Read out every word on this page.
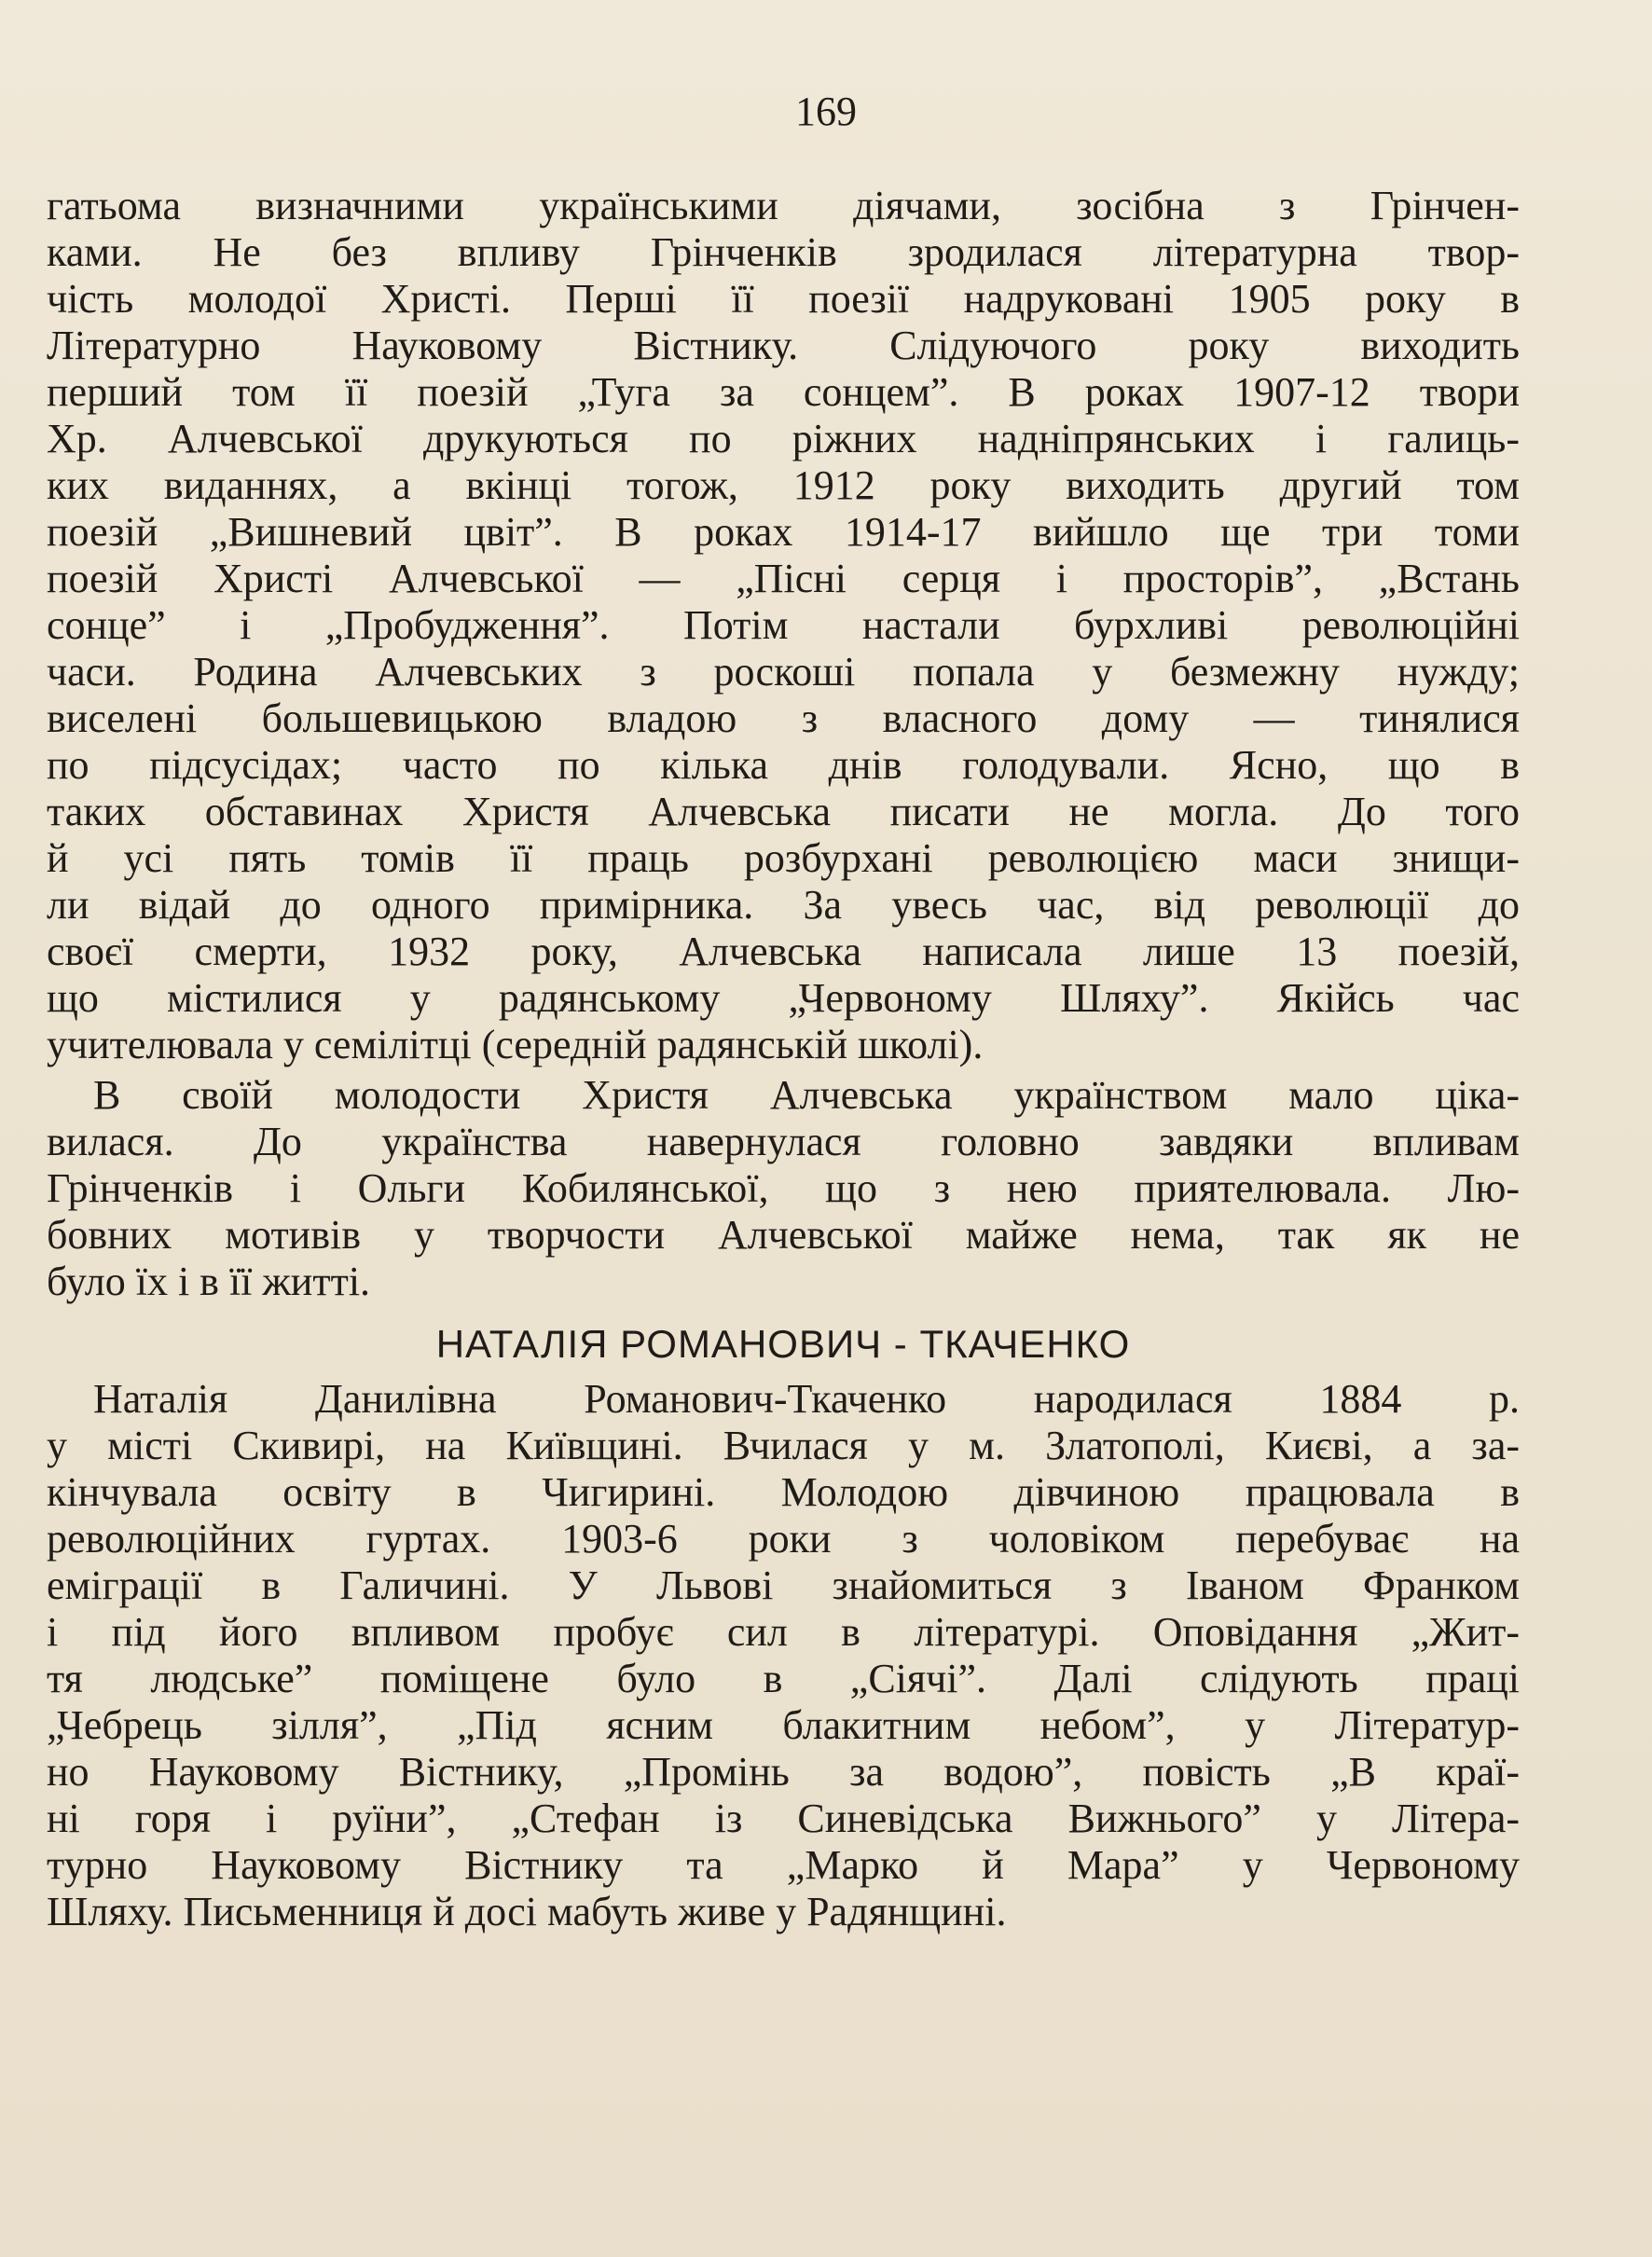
169
гатьома визначними українськими діячами, зосібна з Грінчен-
ками. Не без впливу Грінченків зродилася літературна твор-
чість молодої Христі. Перші її поезії надруковані 1905 року в
Літературно Науковому Вістнику. Слідуючого року виходить
перший том її поезій „Туга за сонцем”. В роках 1907-12 твори
Хр. Алчевської друкуються по ріжних надніпрянських і галиць-
ких виданнях, а вкінці тогож, 1912 року виходить другий том
поезій „Вишневий цвіт”. В роках 1914-17 вийшло ще три томи
поезій Христі Алчевської — „Пісні серця і просторів”, „Встань
сонце” і „Пробудження”. Потім настали бурхливі революційні
часи. Родина Алчевських з роскоші попала у безмежну нужду;
виселені большевицькою владою з власного дому — тинялися
по підсусідах; часто по кілька днів голодували. Ясно, що в
таких обставинах Христя Алчевська писати не могла. До того
й усі пять томів її праць розбурхані революцією маси знищи-
ли відай до одного примірника. За увесь час, від революції до
своєї смерти, 1932 року, Алчевська написала лише 13 поезій,
що містилися у радянському „Червоному Шляху”. Якійсь час
учителювала у семілітці (середній радянській школі).
В своїй молодости Христя Алчевська українством мало ціка-
вилася. До українства навернулася головно завдяки впливам
Грінченків і Ольги Кобилянської, що з нею приятелювала. Лю-
бовних мотивів у творчости Алчевської майже нема, так як не
було їх і в її житті.
НАТАЛІЯ РОМАНОВИЧ - ТКАЧЕНКО
Наталія Данилівна Романович-Ткаченко народилася 1884 р.
у місті Скивирі, на Київщині. Вчилася у м. Златополі, Києві, а за-
кінчувала освіту в Чигирині. Молодою дівчиною працювала в
революційних гуртах. 1903-6 роки з чоловіком перебуває на
еміграції в Галичині. У Львові знайомиться з Іваном Франком
і під його впливом пробує сил в літературі. Оповідання „Жит-
тя людське” поміщене було в „Сіячі”. Далі слідують праці
„Чебрець зілля”, „Під ясним блакитним небом”, у Літератур-
но Науковому Вістнику, „Промінь за водою”, повість „В краї-
ні горя і руїни”, „Стефан із Синевідська Вижнього” у Літера-
турно Науковому Вістнику та „Марко й Мара” у Червоному
Шляху. Письменниця й досі мабуть живе у Радянщині.
